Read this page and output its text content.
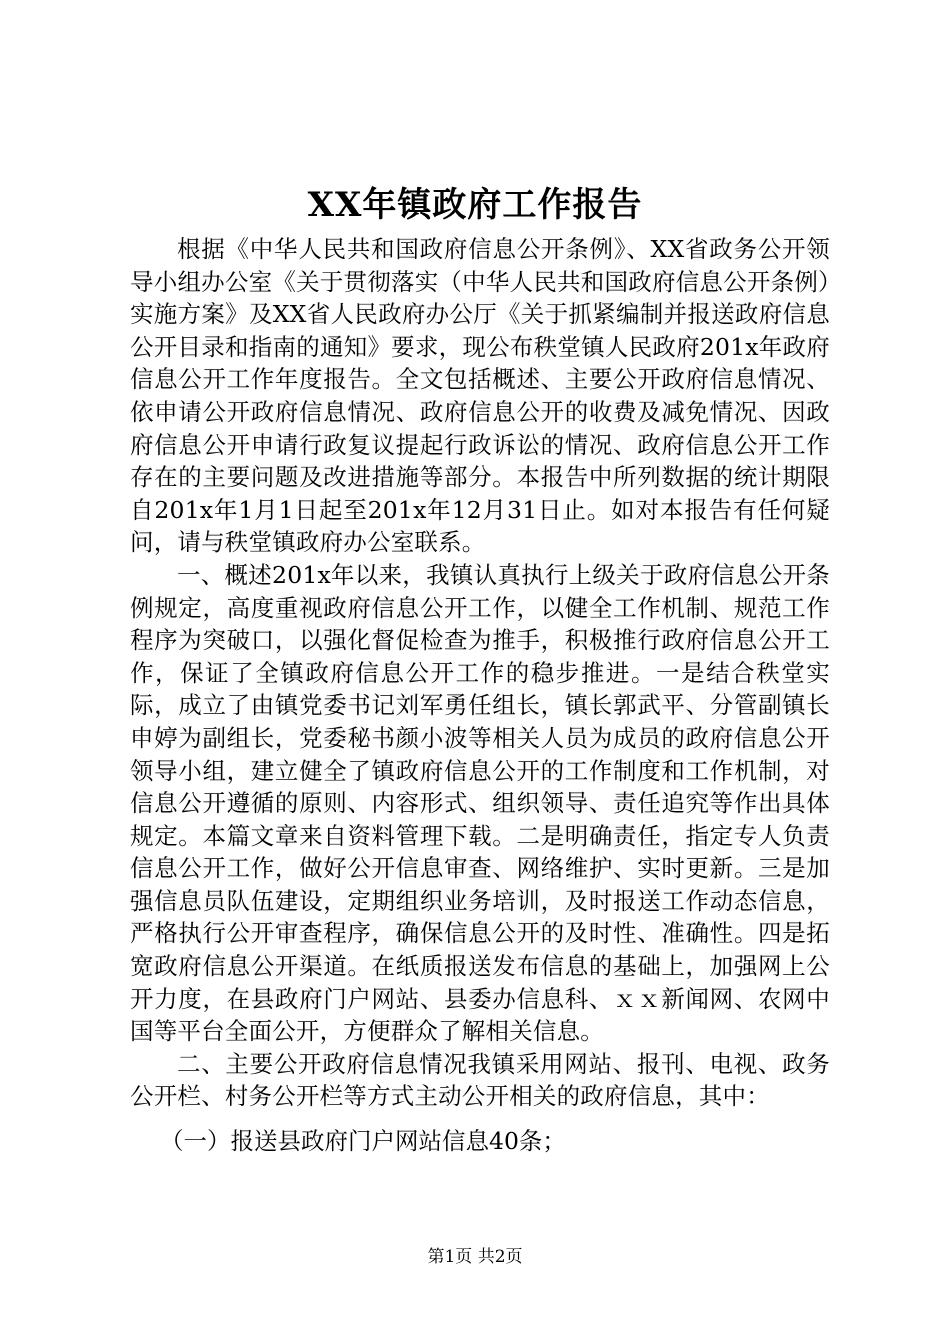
XX年镇政府工作报告

根据《中华人民共和国政府信息公开条例》、XX省政务公开领导小组办公室《关于贯彻落实（中华人民共和国政府信息公开条例）实施方案》及XX省人民政府办公厅《关于抓紧编制并报送政府信息公开目录和指南的通知》要求，现公布秩堂镇人民政府201x年政府信息公开工作年度报告。全文包括概述、主要公开政府信息情况、依申请公开政府信息情况、政府信息公开的收费及减免情况、因政府信息公开申请行政复议提起行政诉讼的情况、政府信息公开工作存在的主要问题及改进措施等部分。本报告中所列数据的统计期限自201x年1月1日起至201x年12月31日止。如对本报告有任何疑问，请与秩堂镇政府办公室联系。

一、概述201x年以来，我镇认真执行上级关于政府信息公开条例规定，高度重视政府信息公开工作，以健全工作机制、规范工作程序为突破口，以强化督促检查为推手，积极推行政府信息公开工作，保证了全镇政府信息公开工作的稳步推进。一是结合秩堂实际，成立了由镇党委书记刘军勇任组长，镇长郭武平、分管副镇长申婷为副组长，党委秘书颜小波等相关人员为成员的政府信息公开领导小组，建立健全了镇政府信息公开的工作制度和工作机制，对信息公开遵循的原则、内容形式、组织领导、责任追究等作出具体规定。本篇文章来自资料管理下载。二是明确责任，指定专人负责信息公开工作，做好公开信息审查、网络维护、实时更新。三是加强信息员队伍建设，定期组织业务培训，及时报送工作动态信息，严格执行公开审查程序，确保信息公开的及时性、准确性。四是拓宽政府信息公开渠道。在纸质报送发布信息的基础上，加强网上公开力度，在县政府门户网站、县委办信息科、ｘｘ新闻网、农网中国等平台全面公开，方便群众了解相关信息。

二、主要公开政府信息情况我镇采用网站、报刊、电视、政务公开栏、村务公开栏等方式主动公开相关的政府信息，其中：

（一）报送县政府门户网站信息40条；

第1页 共2页
